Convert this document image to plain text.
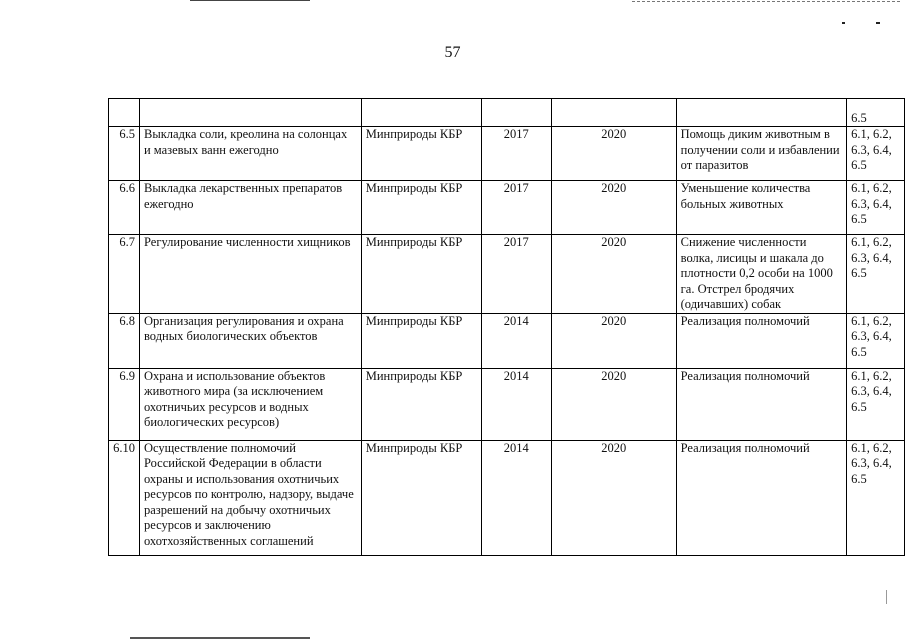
57
						6.5
6.5	Выкладка соли, креолина на солонцах и мазевых ванн ежегодно	Минприроды КБР	2017	2020	Помощь диким животным в получении соли и избавлении от паразитов	6.1, 6.2, 6.3, 6.4, 6.5
6.6	Выкладка лекарственных препаратов ежегодно	Минприроды КБР	2017	2020	Уменьшение количества больных животных	6.1, 6.2, 6.3, 6.4, 6.5
6.7	Регулирование численности хищников	Минприроды КБР	2017	2020	Снижение численности волка, лисицы и шакала до плотности 0,2 особи на 1000 га. Отстрел бродячих (одичавших) собак	6.1, 6.2, 6.3, 6.4, 6.5
6.8	Организация регулирования и охрана водных биологических объектов	Минприроды КБР	2014	2020	Реализация полномочий	6.1, 6.2, 6.3, 6.4, 6.5
6.9	Охрана и использование объектов животного мира (за исключением охотничьих ресурсов и водных биологических ресурсов)	Минприроды КБР	2014	2020	Реализация полномочий	6.1, 6.2, 6.3, 6.4, 6.5
6.10	Осуществление полномочий Российской Федерации в области охраны и использования охотничьих ресурсов по контролю, надзору, выдаче разрешений на добычу охотничьих ресурсов и заключению охотхозяйственных соглашений	Минприроды КБР	2014	2020	Реализация полномочий	6.1, 6.2, 6.3, 6.4, 6.5
